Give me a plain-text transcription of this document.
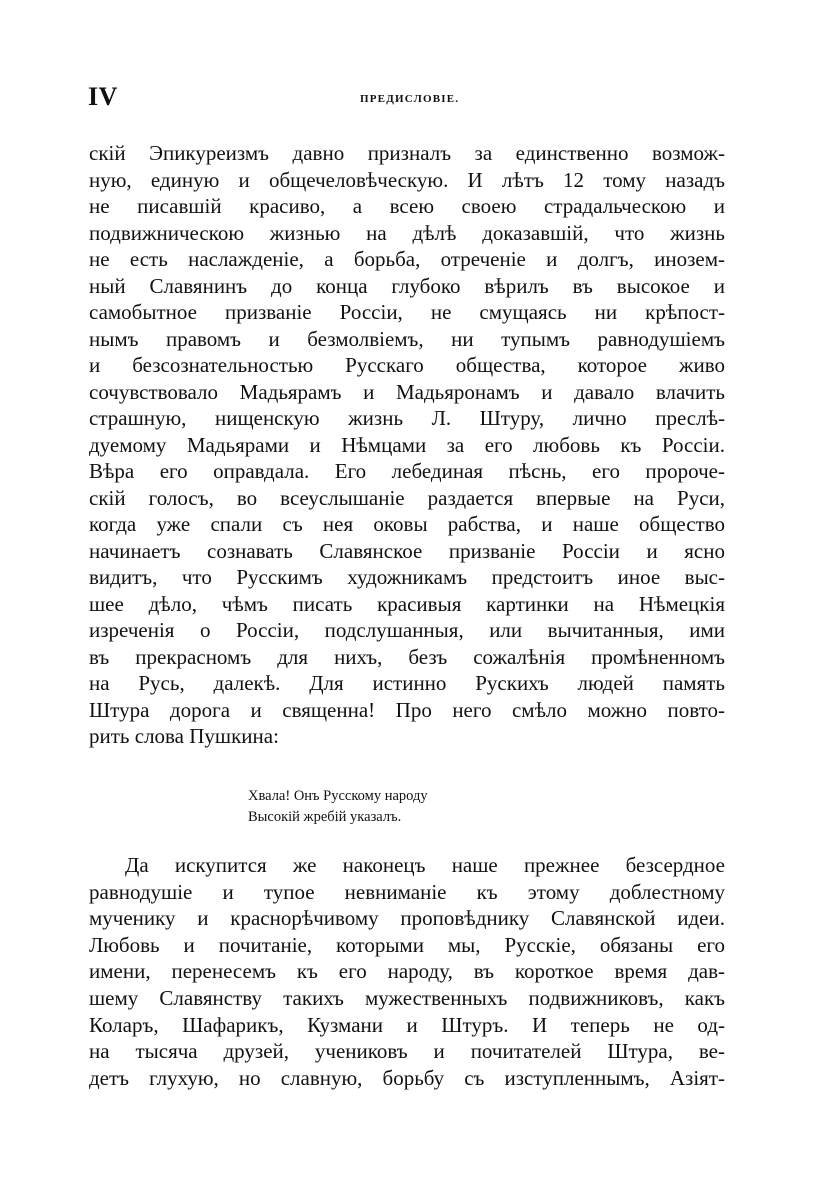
IV	ПРЕДИСЛОВІЕ.
скій Эпикуреизмъ давно призналъ за единственно возмож-
ную, единую и общечеловѣческую. И лѣтъ 12 тому назадъ
не писавшій красиво, а всею своею страдальческою и
подвижническою жизнью на дѣлѣ доказавшій, что жизнь
не есть наслажденіе, а борьба, отреченіе и долгъ, инозем-
ный Славянинъ до конца глубоко вѣрилъ въ высокое и
самобытное призваніе Россіи, не смущаясь ни крѣпост-
нымъ правомъ и безмолвіемъ, ни тупымъ равнодушіемъ
и безсознательностью Русскаго общества, которое живо
сочувствовало Мадьярамъ и Мадьяронамъ и давало влачить
страшную, нищенскую жизнь Л. Штуру, лично преслѣ-
дуемому Мадьярами и Нѣмцами за его любовь къ Россіи.
Вѣра его оправдала. Его лебединая пѣснь, его пророче-
скій голосъ, во всеуслышаніе раздается впервые на Руси,
когда уже спали съ нея оковы рабства, и наше общество
начинаетъ сознавать Славянское призваніе Россіи и ясно
видитъ, что Русскимъ художникамъ предстоитъ иное выс-
шее дѣло, чѣмъ писать красивыя картинки на Нѣмецкія
изреченія о Россіи, подслушанныя, или вычитанныя, ими
въ прекрасномъ для нихъ, безъ сожалѣнія промѣненномъ
на Русь, далекѣ. Для истинно Рускихъ людей память
Штура дорога и священна! Про него смѣло можно повто-
рить слова Пушкина:
Хвала! Онъ Русскому народу
Высокій жребій указалъ.
Да искупится же наконецъ наше прежнее безсердное
равнодушіе и тупое невниманіе къ этому доблестному
мученику и краснорѣчивому проповѣднику Славянской идеи.
Любовь и почитаніе, которыми мы, Русскіе, обязаны его
имени, перенесемъ къ его народу, въ короткое время дав-
шему Славянству такихъ мужественныхъ подвижниковъ, какъ
Коларъ, Шафарикъ, Кузмани и Штуръ. И теперь не од-
на тысяча друзей, учениковъ и почитателей Штура, ве-
детъ глухую, но славную, борьбу съ изступленнымъ, Азіят-
